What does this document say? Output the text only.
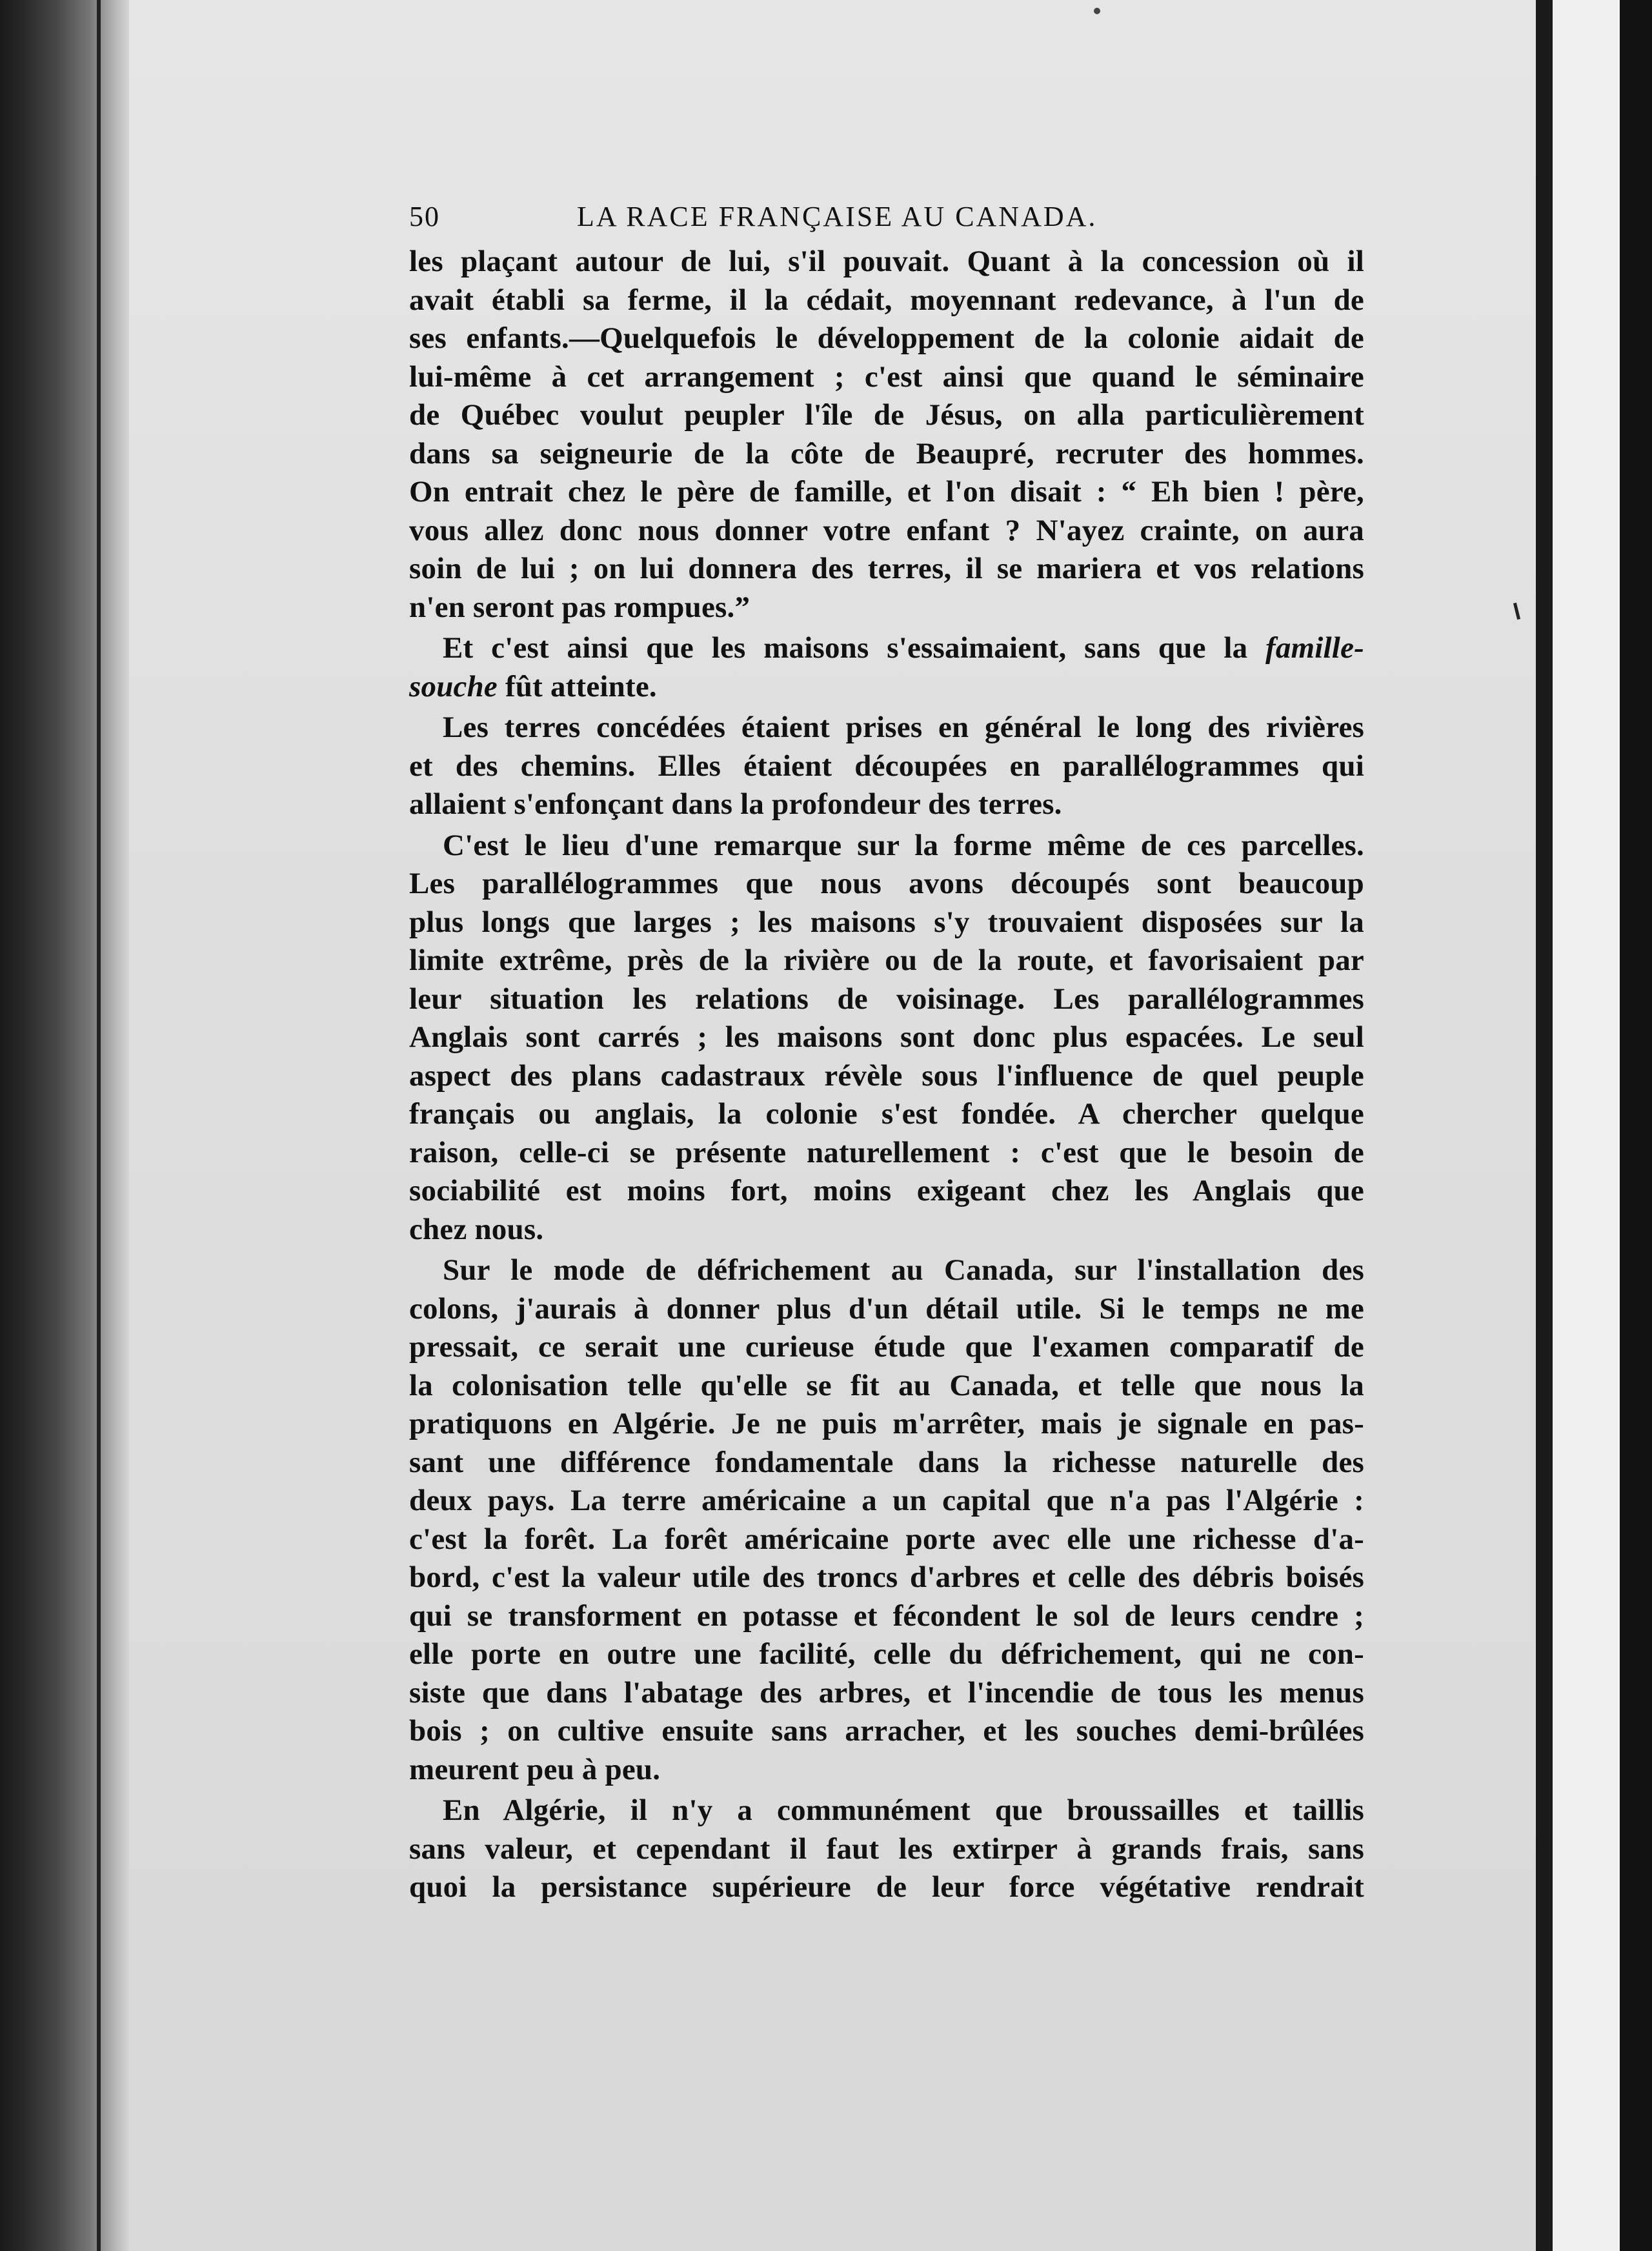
50	LA RACE FRANÇAISE AU CANADA.
les plaçant autour de lui, s'il pouvait. Quant à la concession où il
avait établi sa ferme, il la cédait, moyennant redevance, à l'un de
ses enfants.—Quelquefois le développement de la colonie aidait de
lui-même à cet arrangement ; c'est ainsi que quand le séminaire
de Québec voulut peupler l'île de Jésus, on alla particulièrement
dans sa seigneurie de la côte de Beaupré, recruter des hommes.
On entrait chez le père de famille, et l'on disait : “ Eh bien ! père,
vous allez donc nous donner votre enfant ? N'ayez crainte, on aura
soin de lui ; on lui donnera des terres, il se mariera et vos relations
n'en seront pas rompues.”
Et c'est ainsi que les maisons s'essaimaient, sans que la famille-
souche fût atteinte.
Les terres concédées étaient prises en général le long des rivières
et des chemins. Elles étaient découpées en parallélogrammes qui
allaient s'enfonçant dans la profondeur des terres.
C'est le lieu d'une remarque sur la forme même de ces parcelles.
Les parallélogrammes que nous avons découpés sont beaucoup
plus longs que larges ; les maisons s'y trouvaient disposées sur la
limite extrême, près de la rivière ou de la route, et favorisaient par
leur situation les relations de voisinage. Les parallélogrammes
Anglais sont carrés ; les maisons sont donc plus espacées. Le seul
aspect des plans cadastraux révèle sous l'influence de quel peuple
français ou anglais, la colonie s'est fondée. A chercher quelque
raison, celle-ci se présente naturellement : c'est que le besoin de
sociabilité est moins fort, moins exigeant chez les Anglais que
chez nous.
Sur le mode de défrichement au Canada, sur l'installation des
colons, j'aurais à donner plus d'un détail utile. Si le temps ne me
pressait, ce serait une curieuse étude que l'examen comparatif de
la colonisation telle qu'elle se fit au Canada, et telle que nous la
pratiquons en Algérie. Je ne puis m'arrêter, mais je signale en pas-
sant une différence fondamentale dans la richesse naturelle des
deux pays. La terre américaine a un capital que n'a pas l'Algérie :
c'est la forêt. La forêt américaine porte avec elle une richesse d'a-
bord, c'est la valeur utile des troncs d'arbres et celle des débris boisés
qui se transforment en potasse et fécondent le sol de leurs cendre ;
elle porte en outre une facilité, celle du défrichement, qui ne con-
siste que dans l'abatage des arbres, et l'incendie de tous les menus
bois ; on cultive ensuite sans arracher, et les souches demi-brûlées
meurent peu à peu.
En Algérie, il n'y a communément que broussailles et taillis
sans valeur, et cependant il faut les extirper à grands frais, sans
quoi la persistance supérieure de leur force végétative rendrait
